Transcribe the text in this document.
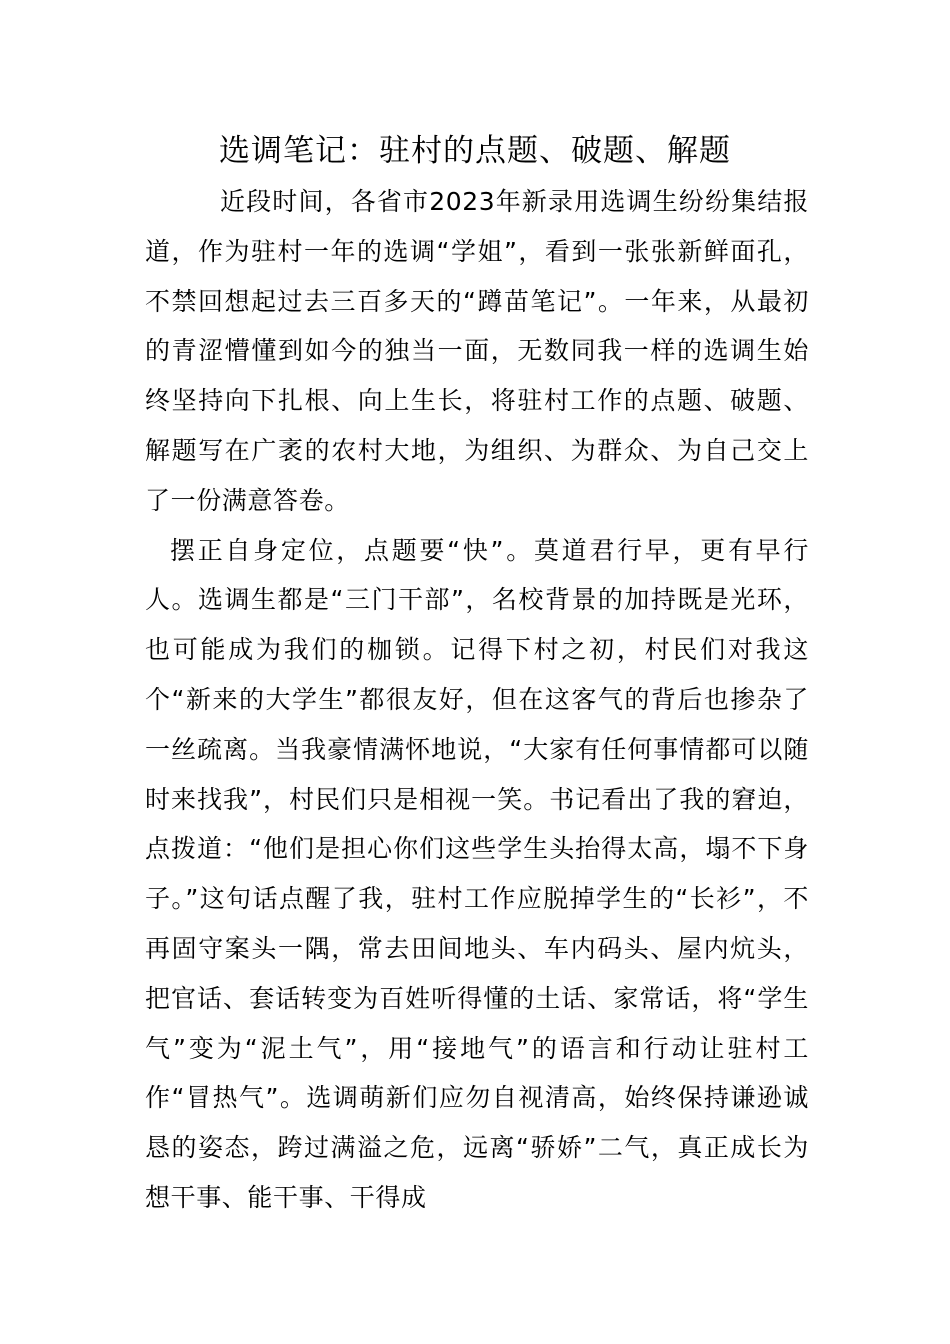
选调笔记：驻村的点题、破题、解题

近段时间，各省市2023年新录用选调生纷纷集结报道，作为驻村一年的选调“学姐”，看到一张张新鲜面孔，不禁回想起过去三百多天的“蹲苗笔记”。一年来，从最初的青涩懵懂到如今的独当一面，无数同我一样的选调生始终坚持向下扎根、向上生长，将驻村工作的点题、破题、解题写在广袤的农村大地，为组织、为群众、为自己交上了一份满意答卷。

摆正自身定位，点题要“快”。莫道君行早，更有早行人。选调生都是“三门干部”，名校背景的加持既是光环，也可能成为我们的枷锁。记得下村之初，村民们对我这个“新来的大学生”都很友好，但在这客气的背后也掺杂了一丝疏离。当我豪情满怀地说，“大家有任何事情都可以随时来找我”，村民们只是相视一笑。书记看出了我的窘迫，点拨道：“他们是担心你们这些学生头抬得太高，塌不下身子。”这句话点醒了我，驻村工作应脱掉学生的“长衫”，不再固守案头一隅，常去田间地头、车内码头、屋内炕头，把官话、套话转变为百姓听得懂的土话、家常话，将“学生气”变为“泥土气”，用“接地气”的语言和行动让驻村工作“冒热气”。选调萌新们应勿自视清高，始终保持谦逊诚恳的姿态，跨过满溢之危，远离“骄娇”二气，真正成长为想干事、能干事、干得成
